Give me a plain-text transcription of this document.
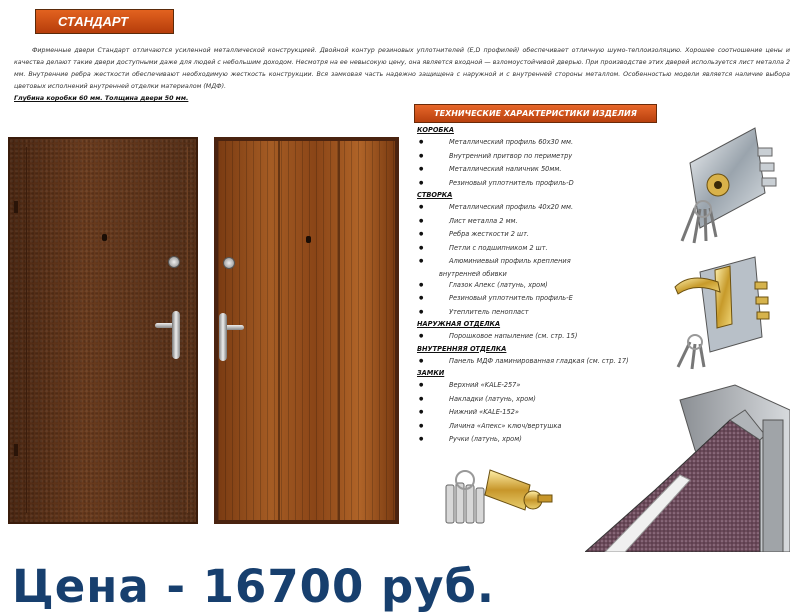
СТАНДАРТ

Фирменные двери Стандарт отличаются усиленной металлической конструкцией. Двойной контур резиновых уплотнителей (E,D профилей) обеспечивает отличную шумо-теплоизоляцию. Хорошее соотношение цены и качества делают такие двери доступными даже для людей с небольшим доходом. Несмотря на ее невысокую цену, она является входной — взломоустойчивой дверью. При производстве этих дверей используется лист металла 2 мм. Внутренние ребра жесткости обеспечивают необходимую жесткость конструкции. Вся замковая часть надежно защищена с наружной и с внутренней стороны металлом. Особенностью модели является наличие выбора цветовых исполнений внутренней отделки материалом (МДФ).

Глубина коробки 60 мм. Толщина двери 50 мм.
ТЕХНИЧЕСКИЕ ХАРАКТЕРИСТИКИ ИЗДЕЛИЯ
КОРОБКА
● Металлический профиль 60х30 мм.
● Внутренний притвор по периметру
● Металлический наличник 50мм.
● Резиновый уплотнитель профиль-D
СТВОРКА
● Металлический профиль 40х20 мм.
● Лист металла 2 мм.
● Ребра жесткости 2 шт.
● Петли с подшипником 2 шт.
● Алюминиевый профиль крепления
внутренней обивки
● Глазок Апекс (латунь, хром)
● Резиновый уплотнитель профиль-Е
● Утеплитель пенопласт
НАРУЖНАЯ ОТДЕЛКА
● Порошковое напыление (см. стр. 15)
ВНУТРЕННЯЯ ОТДЕЛКА
● Панель МДФ ламинированная гладкая (см. стр. 17)
ЗАМКИ
● Верхний «KALE-257»
● Накладки (латунь, хром)
● Нижний «KALE-152»
● Личина «Апекс» ключ/вертушка
● Ручки (латунь, хром)
Цена - 16700 руб.
